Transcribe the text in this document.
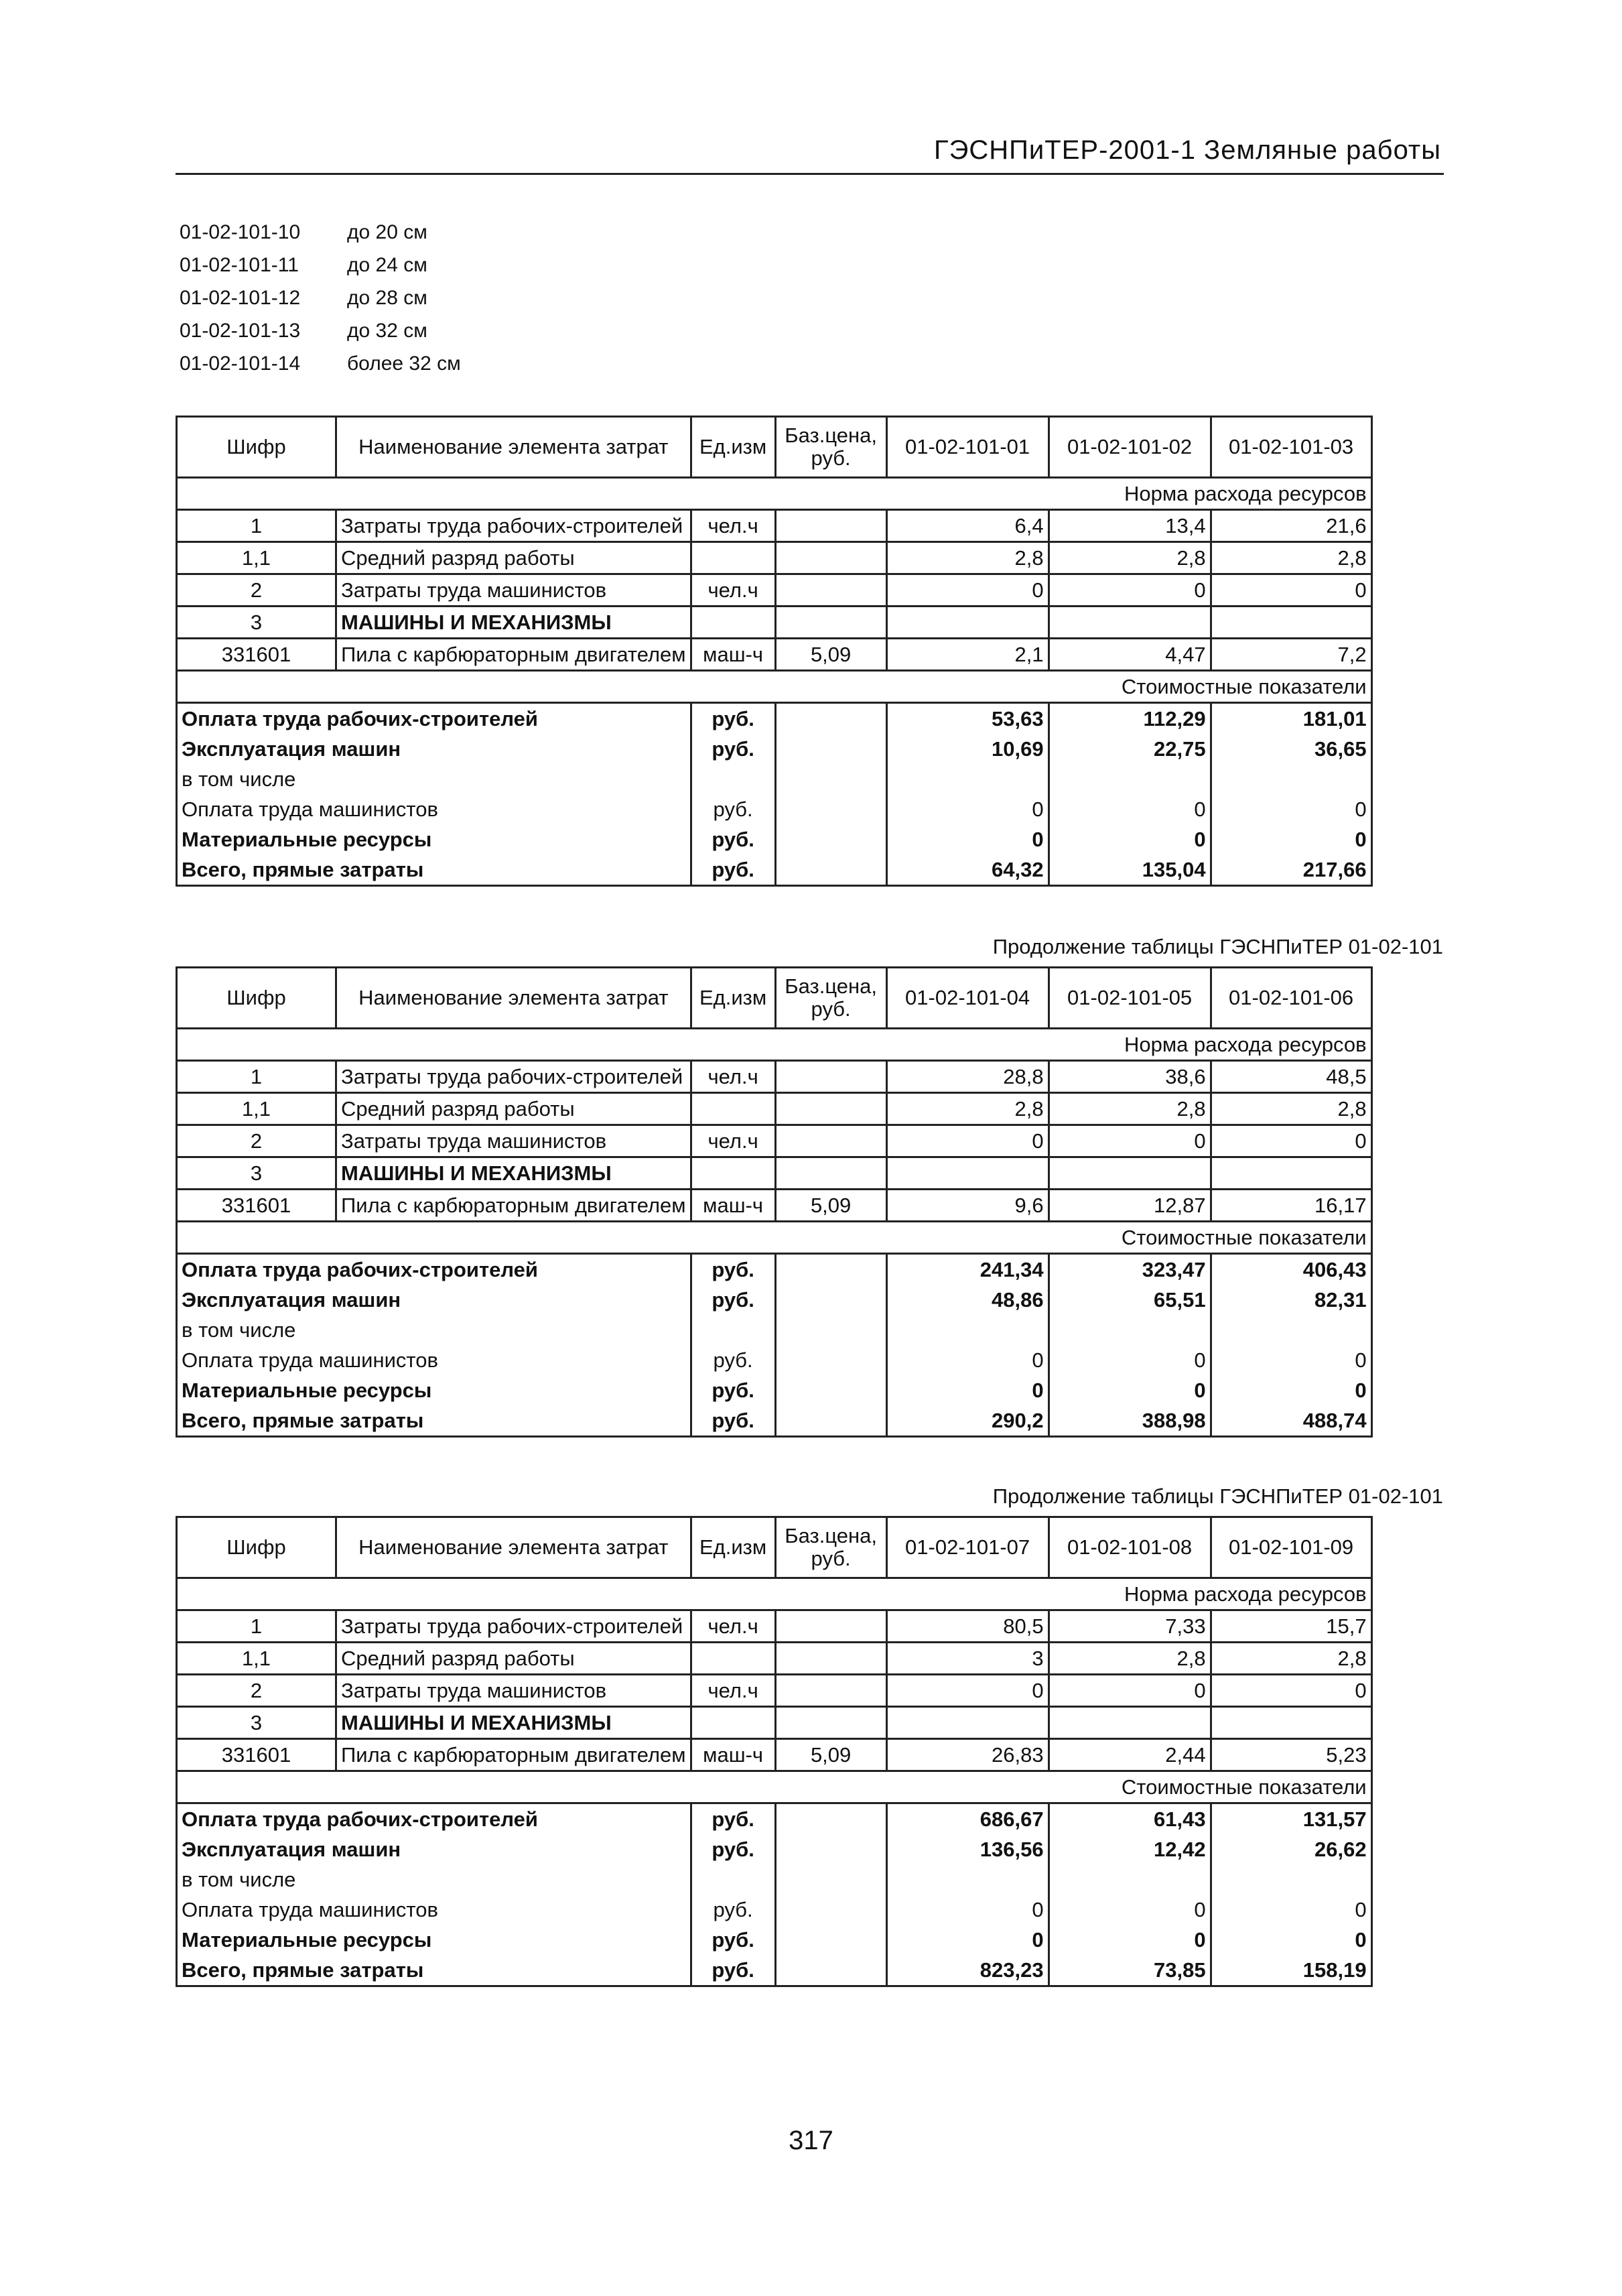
ГЭСНПиТЕР-2001-1 Земляные работы
01-02-101-10	до 20 см
01-02-101-11	до 24 см
01-02-101-12	до 28 см
01-02-101-13	до 32 см
01-02-101-14	более 32 см
Шифр	Наименование элемента затрат	Ед.изм	Баз.цена, руб.	01-02-101-01	01-02-101-02	01-02-101-03
Норма расхода ресурсов						
1	Затраты труда рабочих-строителей	чел.ч		6,4	13,4	21,6
1,1	Средний разряд работы			2,8	2,8	2,8
2	Затраты труда машинистов	чел.ч		0	0	0
3	МАШИНЫ И МЕХАНИЗМЫ					
331601	Пила с карбюраторным двигателем	маш-ч	5,09	2,1	4,47	7,2
Стоимостные показатели						
Оплата труда рабочих-строителей		руб.		53,63	112,29	181,01
Эксплуатация машин		руб.		10,69	22,75	36,65
в том числе						
Оплата труда машинистов		руб.		0	0	0
Материальные ресурсы		руб.		0	0	0
Всего, прямые затраты		руб.		64,32	135,04	217,66
Продолжение таблицы ГЭСНПиТЕР 01-02-101
Шифр	Наименование элемента затрат	Ед.изм	Баз.цена, руб.	01-02-101-04	01-02-101-05	01-02-101-06
Норма расхода ресурсов						
1	Затраты труда рабочих-строителей	чел.ч		28,8	38,6	48,5
1,1	Средний разряд работы			2,8	2,8	2,8
2	Затраты труда машинистов	чел.ч		0	0	0
3	МАШИНЫ И МЕХАНИЗМЫ					
331601	Пила с карбюраторным двигателем	маш-ч	5,09	9,6	12,87	16,17
Стоимостные показатели						
Оплата труда рабочих-строителей		руб.		241,34	323,47	406,43
Эксплуатация машин		руб.		48,86	65,51	82,31
в том числе						
Оплата труда машинистов		руб.		0	0	0
Материальные ресурсы		руб.		0	0	0
Всего, прямые затраты		руб.		290,2	388,98	488,74
Продолжение таблицы ГЭСНПиТЕР 01-02-101
Шифр	Наименование элемента затрат	Ед.изм	Баз.цена, руб.	01-02-101-07	01-02-101-08	01-02-101-09
Норма расхода ресурсов						
1	Затраты труда рабочих-строителей	чел.ч		80,5	7,33	15,7
1,1	Средний разряд работы			3	2,8	2,8
2	Затраты труда машинистов	чел.ч		0	0	0
3	МАШИНЫ И МЕХАНИЗМЫ					
331601	Пила с карбюраторным двигателем	маш-ч	5,09	26,83	2,44	5,23
Стоимостные показатели						
Оплата труда рабочих-строителей		руб.		686,67	61,43	131,57
Эксплуатация машин		руб.		136,56	12,42	26,62
в том числе						
Оплата труда машинистов		руб.		0	0	0
Материальные ресурсы		руб.		0	0	0
Всего, прямые затраты		руб.		823,23	73,85	158,19
317
